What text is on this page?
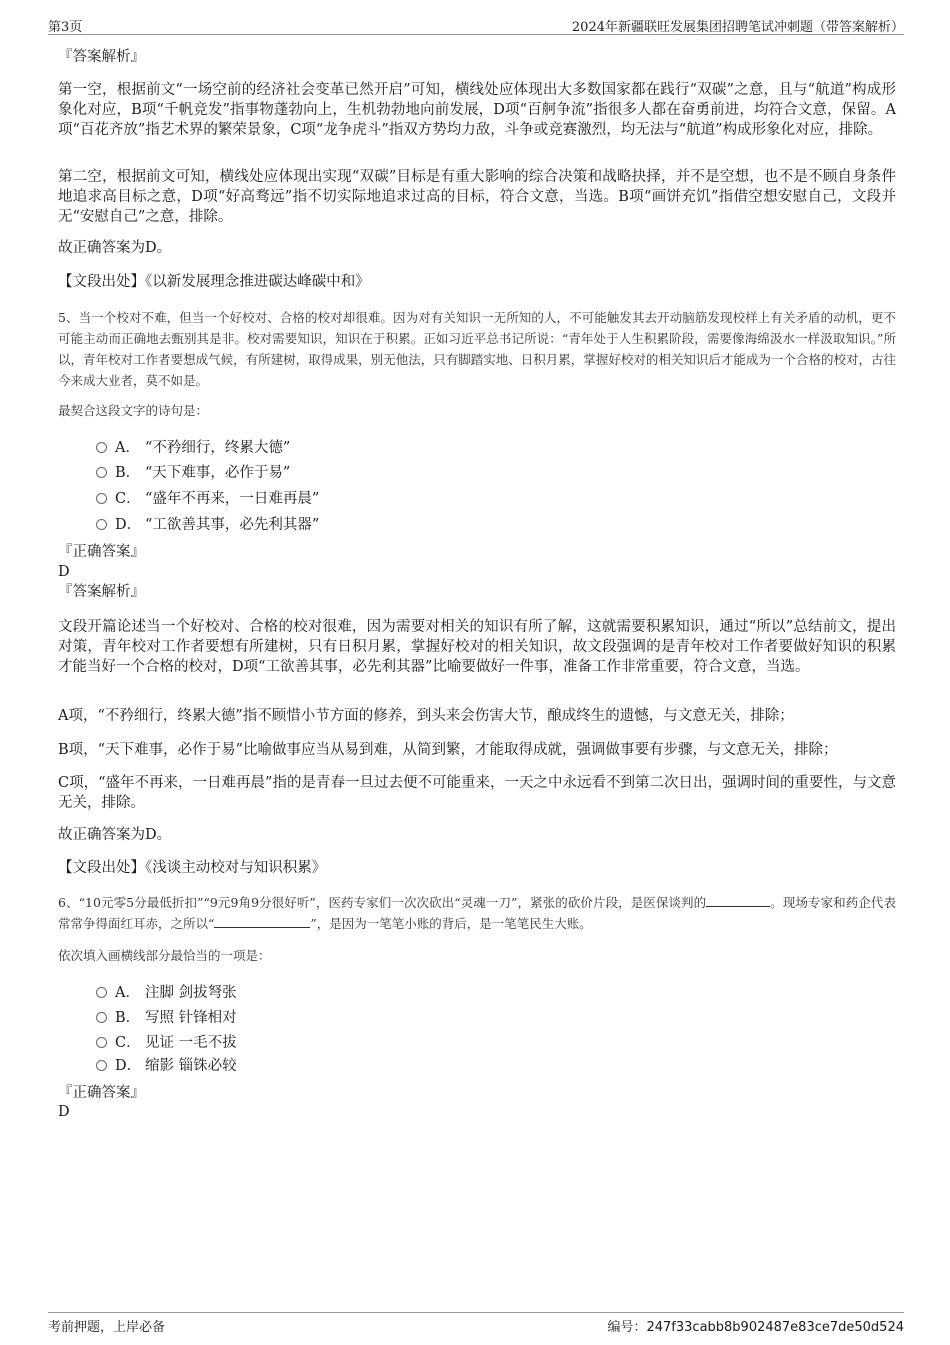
第3页	2024年新疆联旺发展集团招聘笔试冲刺题（带答案解析）
『答案解析』
第一空，根据前文“一场空前的经济社会变革已然开启”可知，横线处应体现出大多数国家都在践行“双碳”之意，且与“航道”构成形象化对应，B项“千帆竞发”指事物蓬勃向上，生机勃勃地向前发展，D项“百舸争流”指很多人都在奋勇前进，均符合文意，保留。A项“百花齐放”指艺术界的繁荣景象，C项“龙争虎斗”指双方势均力敌，斗争或竞赛激烈，均无法与“航道”构成形象化对应，排除。
第二空，根据前文可知，横线处应体现出实现“双碳”目标是有重大影响的综合决策和战略抉择，并不是空想，也不是不顾自身条件地追求高目标之意，D项“好高骛远”指不切实际地追求过高的目标，符合文意，当选。B项“画饼充饥”指借空想安慰自己，文段并无“安慰自己”之意，排除。
故正确答案为D。
【文段出处】《以新发展理念推进碳达峰碳中和》
5、当一个校对不难，但当一个好校对、合格的校对却很难。因为对有关知识一无所知的人，不可能触发其去开动脑筋发现校样上有关矛盾的动机，更不可能主动而正确地去甄别其是非。校对需要知识，知识在于积累。正如习近平总书记所说：“青年处于人生积累阶段，需要像海绵汲水一样汲取知识。”所以，青年校对工作者要想成气候，有所建树，取得成果，别无他法，只有脚踏实地、日积月累，掌握好校对的相关知识后才能成为一个合格的校对，古往今来成大业者，莫不如是。
最契合这段文字的诗句是：
A． “不矜细行，终累大德”
B． “天下难事，必作于易”
C． “盛年不再来，一日难再晨”
D． “工欲善其事，必先利其器”
『正确答案』
D
『答案解析』
文段开篇论述当一个好校对、合格的校对很难，因为需要对相关的知识有所了解，这就需要积累知识，通过“所以”总结前文，提出对策，青年校对工作者要想有所建树，只有日积月累，掌握好校对的相关知识，故文段强调的是青年校对工作者要做好知识的积累才能当好一个合格的校对，D项“工欲善其事，必先利其器”比喻要做好一件事，准备工作非常重要，符合文意，当选。
A项，“不矜细行，终累大德”指不顾惜小节方面的修养，到头来会伤害大节，酿成终生的遗憾，与文意无关，排除；
B项，“天下难事，必作于易”比喻做事应当从易到难，从简到繁，才能取得成就，强调做事要有步骤，与文意无关，排除；
C项，“盛年不再来，一日难再晨”指的是青春一旦过去便不可能重来，一天之中永远看不到第二次日出，强调时间的重要性，与文意无关，排除。
故正确答案为D。
【文段出处】《浅谈主动校对与知识积累》
6、“10元零5分最低折扣”“9元9角9分很好听”，医药专家们一次次砍出“灵魂一刀”，紧张的砍价片段，是医保谈判的	。现场专家和药企代表常常争得面红耳赤，之所以“	”，是因为一笔笔小账的背后，是一笔笔民生大账。
依次填入画横线部分最恰当的一项是：
A． 注脚 剑拔弩张
B． 写照 针锋相对
C． 见证 一毛不拔
D． 缩影 锱铢必较
『正确答案』
D
考前押题，上岸必备	编号：247f33cabb8b902487e83ce7de50d524
